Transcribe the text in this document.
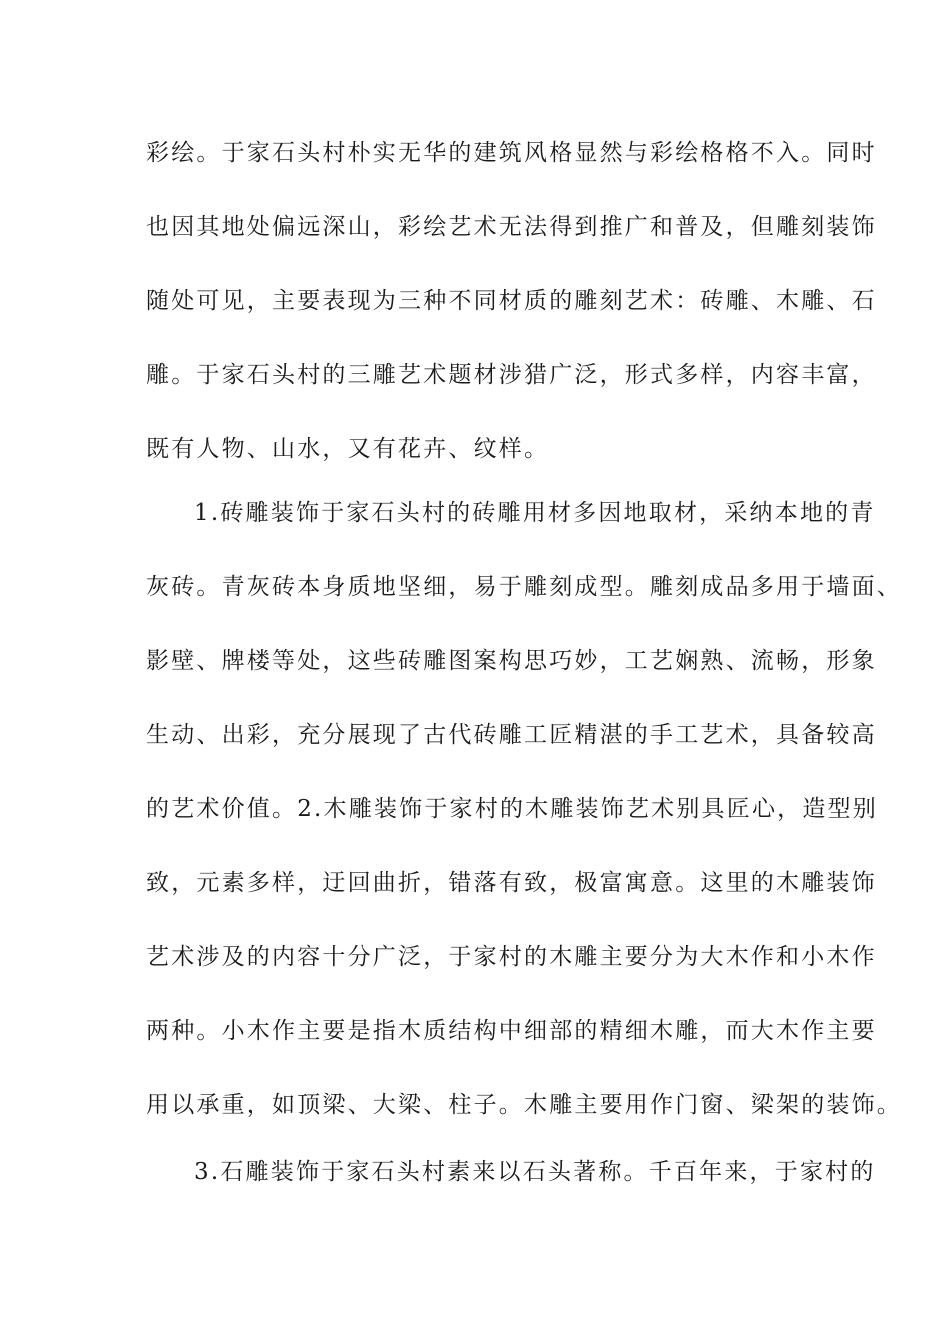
彩绘。于家石头村朴实无华的建筑风格显然与彩绘格格不入。同时
也因其地处偏远深山，彩绘艺术无法得到推广和普及，但雕刻装饰
随处可见，主要表现为三种不同材质的雕刻艺术：砖雕、木雕、石
雕。于家石头村的三雕艺术题材涉猎广泛，形式多样，内容丰富，
既有人物、山水，又有花卉、纹样。
1.砖雕装饰于家石头村的砖雕用材多因地取材，采纳本地的青
灰砖。青灰砖本身质地坚细，易于雕刻成型。雕刻成品多用于墙面、
影壁、牌楼等处，这些砖雕图案构思巧妙，工艺娴熟、流畅，形象
生动、出彩，充分展现了古代砖雕工匠精湛的手工艺术，具备较高
的艺术价值。2.木雕装饰于家村的木雕装饰艺术别具匠心，造型别
致，元素多样，迂回曲折，错落有致，极富寓意。这里的木雕装饰
艺术涉及的内容十分广泛，于家村的木雕主要分为大木作和小木作
两种。小木作主要是指木质结构中细部的精细木雕，而大木作主要
用以承重，如顶梁、大梁、柱子。木雕主要用作门窗、梁架的装饰。
3.石雕装饰于家石头村素来以石头著称。千百年来，于家村的
